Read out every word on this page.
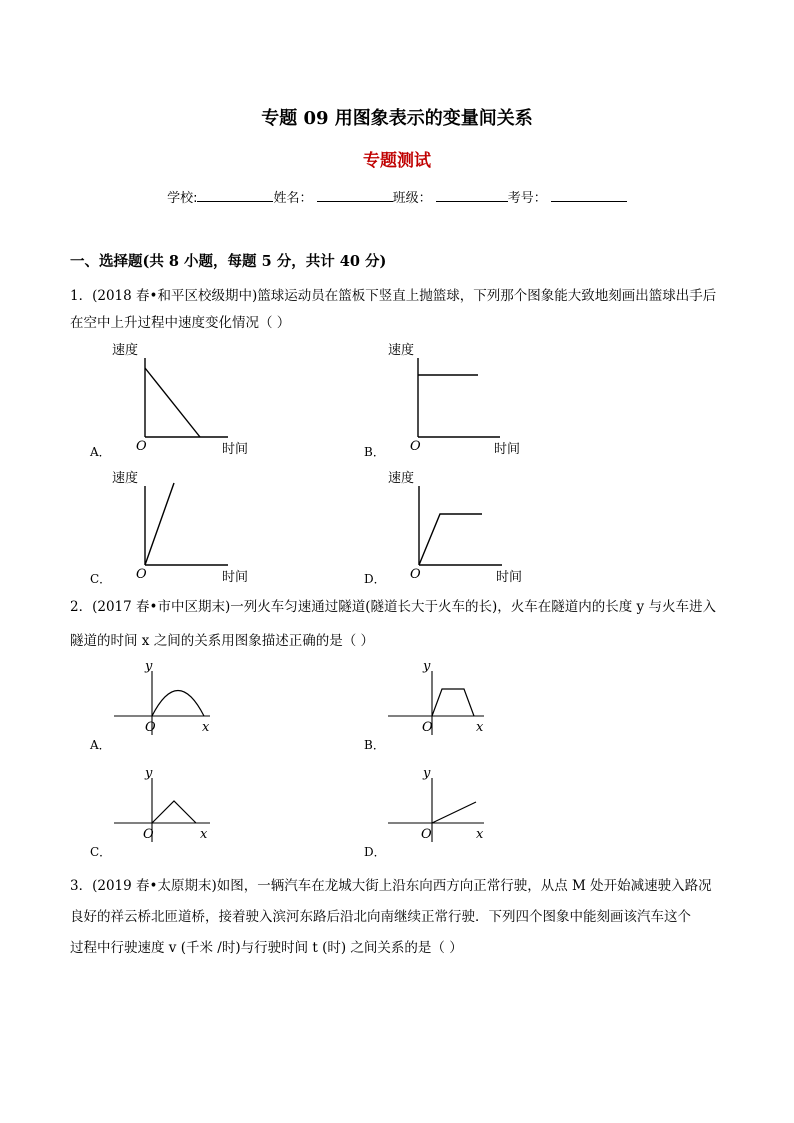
专题 09 用图象表示的变量间关系
专题测试
学校:	姓名：	班级：	考号：
一、选择题(共 8 小题，每题 5 分，共计 40 分)
1．(2018 春•和平区校级期中)篮球运动员在篮板下竖直上抛篮球，下列那个图象能大致地刻画出篮球出手后
在空中上升过程中速度变化情况（ ）
速度
O	时间
A．
速度
O	时间
B．
速度
O	时间
C．
速度
O	时间
D．
2．(2017 春•市中区期末)一列火车匀速通过隧道(隧道长大于火车的长)，火车在隧道内的长度 y 与火车进入
隧道的时间 x 之间的关系用图象描述正确的是（ ）
y
O	x
A．
y
O	x
B．
y
O	x
C．
y
O	x
D．
3．(2019 春•太原期末)如图，一辆汽车在龙城大街上沿东向西方向正常行驶，从点 M 处开始减速驶入路况
良好的祥云桥北匝道桥，接着驶入滨河东路后沿北向南继续正常行驶．下列四个图象中能刻画该汽车这个
过程中行驶速度 v (千米 /时)与行驶时间 t (时) 之间关系的是（ ）
